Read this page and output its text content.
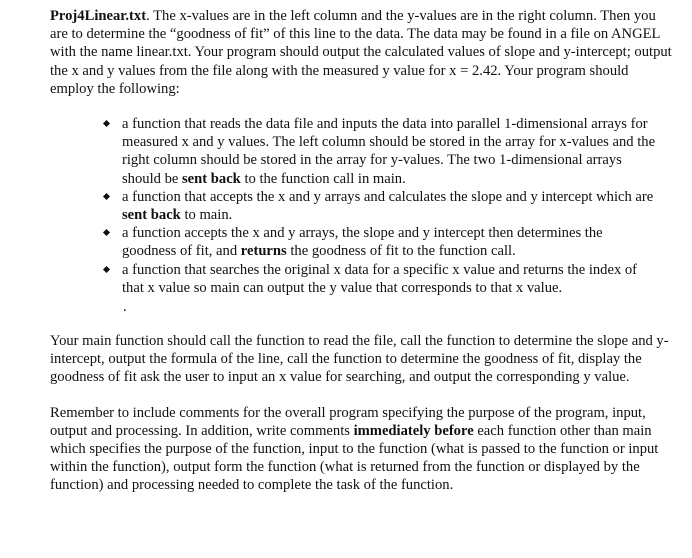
Proj4Linear.txt. The x-values are in the left column and the y-values are in the right column. Then you are to determine the “goodness of fit” of this line to the data. The data may be found in a file on ANGEL with the name linear.txt. Your program should output the calculated values of slope and y-intercept; output the x and y values from the file along with the measured y value for x = 2.42. Your program should employ the following:

a function that reads the data file and inputs the data into parallel 1-dimensional arrays for measured x and y values. The left column should be stored in the array for x-values and the right column should be stored in the array for y-values. The two 1-dimensional arrays should be sent back to the function call in main.
a function that accepts the x and y arrays and calculates the slope and y intercept which are sent back to main.
a function accepts the x and y arrays, the slope and y intercept then determines the goodness of fit, and returns the goodness of fit to the function call.
a function that searches the original x data for a specific x value and returns the index of that x value so main can output the y value that corresponds to that x value.
.

Your main function should call the function to read the file, call the function to determine the slope and y-intercept, output the formula of the line, call the function to determine the goodness of fit, display the goodness of fit ask the user to input an x value for searching, and output the corresponding y value.

Remember to include comments for the overall program specifying the purpose of the program, input, output and processing. In addition, write comments immediately before each function other than main which specifies the purpose of the function, input to the function (what is passed to the function or input within the function), output form the function (what is returned from the function or displayed by the function) and processing needed to complete the task of the function.
